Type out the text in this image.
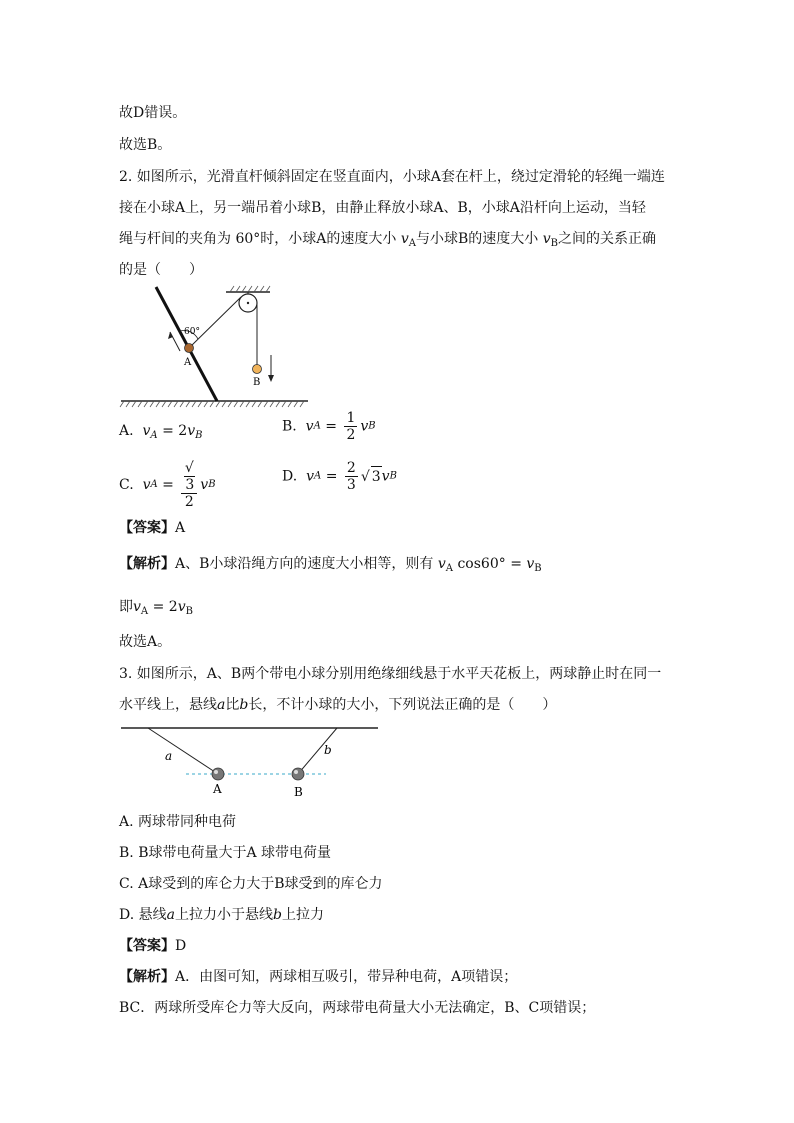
故D错误。
故选B。
2. 如图所示，光滑直杆倾斜固定在竖直面内，小球A套在杆上，绕过定滑轮的轻绳一端连
接在小球A上，另一端吊着小球B，由静止释放小球A、B，小球A沿杆向上运动，当轻
绳与杆间的夹角为 60°时，小球A的速度大小 $v_A$与小球B的速度大小 $v_B$之间的关系正确
的是（　　）
60°
A
B
A. $v_A = 2v_B$
B. vA = $\frac{1}{2}$ vB
C. vA = √
3
2 vB	D. vA = $\frac{2}{3}$ √ 3vB
【答案】A
【解析】A、B小球沿绳方向的速度大小相等，则有 $v_A$ $\cos 60^\circ = v_B$
即$v_A = 2v_B$
故选A。
3. 如图所示，A、B两个带电小球分别用绝缘细线悬于水平天花板上，两球静止时在同一
水平线上，悬线a比b长，不计小球的大小，下列说法正确的是（　　）
a	b
A	B
A. 两球带同种电荷
B. B球带电荷量大于A 球带电荷量
C. A球受到的库仑力大于B球受到的库仑力
D. 悬线a上拉力小于悬线b上拉力
【答案】D
【解析】A．由图可知，两球相互吸引，带异种电荷，A项错误；
BC．两球所受库仑力等大反向，两球带电荷量大小无法确定，B、C项错误；
